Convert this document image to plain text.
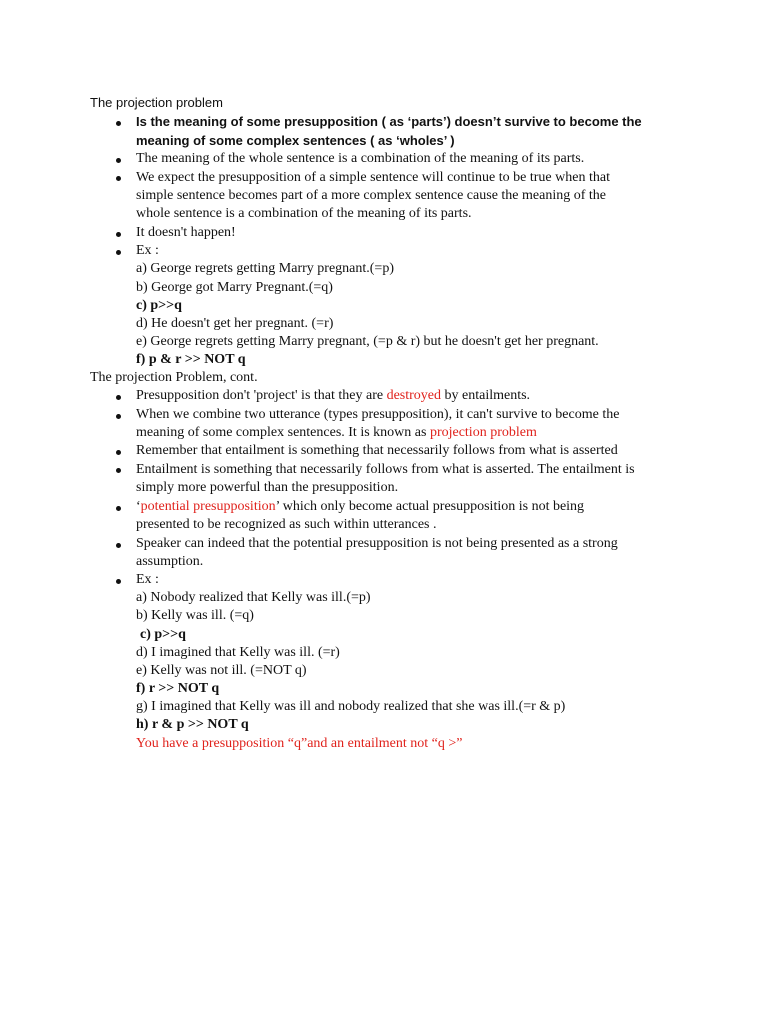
The projection problem
Is the meaning of some presupposition ( as ‘parts’) doesn’t survive to become the
meaning of some complex sentences ( as ‘wholes’ )
The meaning of the whole sentence is a combination of the meaning of its parts.
We expect the presupposition of a simple sentence will continue to be true when that
simple sentence becomes part of a more complex sentence cause the meaning of the
whole sentence is a combination of the meaning of its parts.
It doesn't happen!
Ex :
a) George regrets getting Marry pregnant.(=p)
b) George got Marry Pregnant.(=q)
c) p>>q
d) He doesn't get her pregnant. (=r)
e) George regrets getting Marry pregnant, (=p & r) but he doesn't get her pregnant.
f) p & r >> NOT q
The projection Problem, cont.
Presupposition don't 'project' is that they are destroyed by entailments.
When we combine two utterance (types presupposition), it can't survive to become the
meaning of some complex sentences. It is known as projection problem
Remember that entailment is something that necessarily follows from what is asserted
Entailment is something that necessarily follows from what is asserted. The entailment is
simply more powerful than the presupposition.
‘potential presupposition’ which only become actual presupposition is not being
presented to be recognized as such within utterances .
Speaker can indeed that the potential presupposition is not being presented as a strong
assumption.
Ex :
a) Nobody realized that Kelly was ill.(=p)
b) Kelly was ill. (=q)
c) p>>q
d) I imagined that Kelly was ill. (=r)
e) Kelly was not ill. (=NOT q)
f) r >> NOT q
g) I imagined that Kelly was ill and nobody realized that she was ill.(=r & p)
h) r & p >> NOT q
You have a presupposition “q”and an entailment not “q >”
